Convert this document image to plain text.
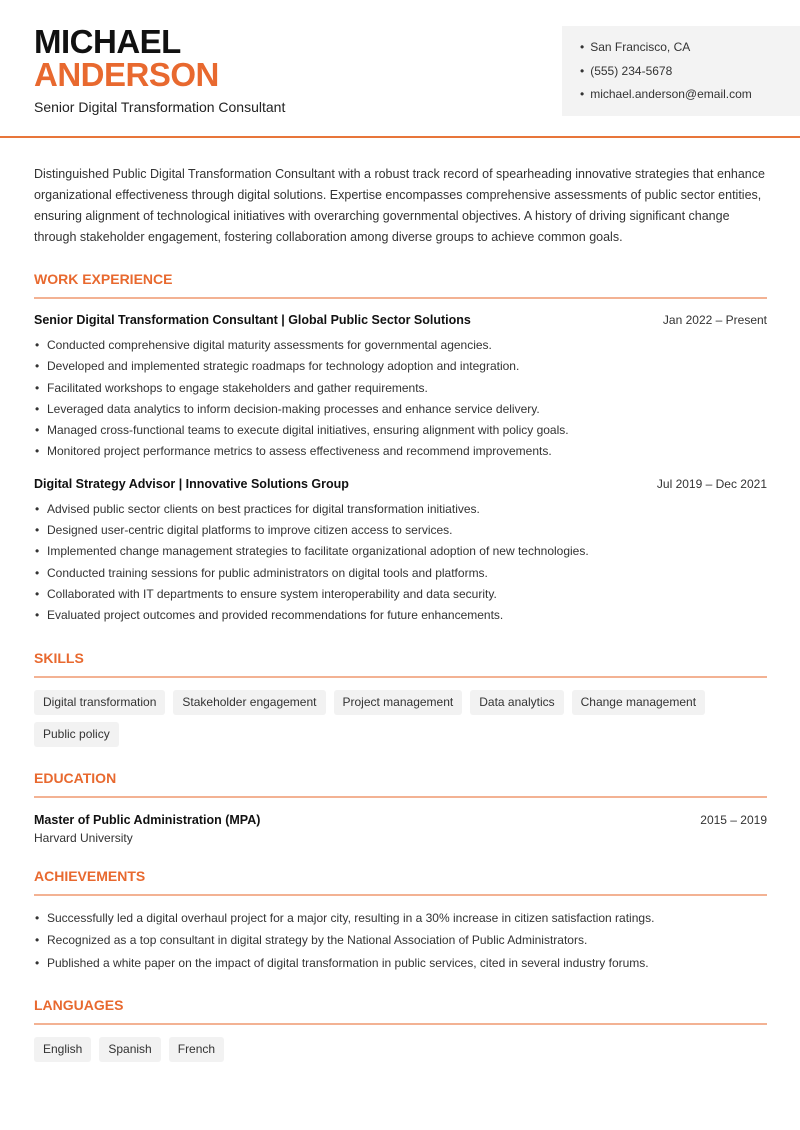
MICHAEL
ANDERSON
Senior Digital Transformation Consultant
• San Francisco, CA
• (555) 234-5678
• michael.anderson@email.com

Distinguished Public Digital Transformation Consultant with a robust track record of spearheading innovative strategies that enhance organizational effectiveness through digital solutions. Expertise encompasses comprehensive assessments of public sector entities, ensuring alignment of technological initiatives with overarching governmental objectives. A history of driving significant change through stakeholder engagement, fostering collaboration among diverse groups to achieve common goals.

WORK EXPERIENCE
Senior Digital Transformation Consultant | Global Public Sector Solutions	Jan 2022 – Present
• Conducted comprehensive digital maturity assessments for governmental agencies.
• Developed and implemented strategic roadmaps for technology adoption and integration.
• Facilitated workshops to engage stakeholders and gather requirements.
• Leveraged data analytics to inform decision-making processes and enhance service delivery.
• Managed cross-functional teams to execute digital initiatives, ensuring alignment with policy goals.
• Monitored project performance metrics to assess effectiveness and recommend improvements.
Digital Strategy Advisor | Innovative Solutions Group	Jul 2019 – Dec 2021
• Advised public sector clients on best practices for digital transformation initiatives.
• Designed user-centric digital platforms to improve citizen access to services.
• Implemented change management strategies to facilitate organizational adoption of new technologies.
• Conducted training sessions for public administrators on digital tools and platforms.
• Collaborated with IT departments to ensure system interoperability and data security.
• Evaluated project outcomes and provided recommendations for future enhancements.
SKILLS
Digital transformation	Stakeholder engagement	Project management	Data analytics	Change management
Public policy
EDUCATION
Master of Public Administration (MPA)	2015 – 2019
Harvard University
ACHIEVEMENTS
• Successfully led a digital overhaul project for a major city, resulting in a 30% increase in citizen satisfaction ratings.
• Recognized as a top consultant in digital strategy by the National Association of Public Administrators.
• Published a white paper on the impact of digital transformation in public services, cited in several industry forums.
LANGUAGES
English	Spanish	French
